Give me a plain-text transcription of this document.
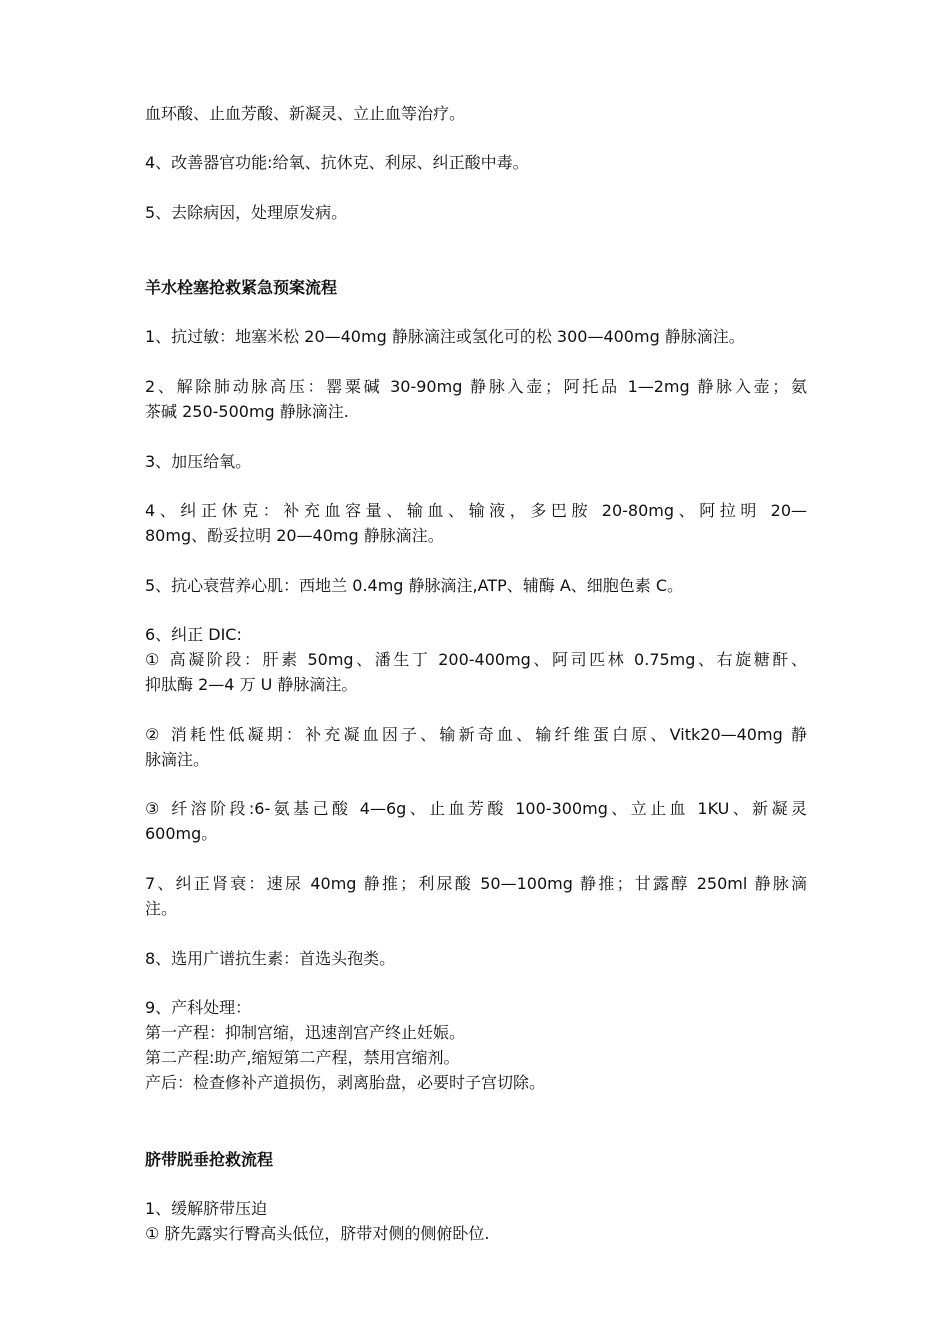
血环酸、止血芳酸、新凝灵、立止血等治疗。
4、改善器官功能:给氧、抗休克、利尿、纠正酸中毒。
5、去除病因，处理原发病。
羊水栓塞抢救紧急预案流程
1、抗过敏：地塞米松 20—40mg 静脉滴注或氢化可的松 300—400mg 静脉滴注。
2、解除肺动脉高压：罂粟碱 30-90mg 静脉入壶；阿托品 1—2mg 静脉入壶；氨
茶碱 250-500mg 静脉滴注.
3、加压给氧。
4、纠正休克：补充血容量、输血、输液，多巴胺 20-80mg、阿拉明 20—
80mg、酚妥拉明 20—40mg 静脉滴注。
5、抗心衰营养心肌：西地兰 0.4mg 静脉滴注,ATP、辅酶 A、细胞色素 C。
6、纠正 DIC:
① 高凝阶段：肝素 50mg、潘生丁 200-400mg、阿司匹林 0.75mg、右旋糖酐、
抑肽酶 2—4 万 U 静脉滴注。
② 消耗性低凝期：补充凝血因子、输新奇血、输纤维蛋白原、Vitk20—40mg 静
脉滴注。
③ 纤溶阶段:6-氨基己酸 4—6g、止血芳酸 100-300mg、立止血 1KU、新凝灵
600mg。
7、纠正肾衰：速尿 40mg 静推；利尿酸 50—100mg 静推；甘露醇 250ml 静脉滴
注。
8、选用广谱抗生素：首选头孢类。
9、产科处理：
第一产程：抑制宫缩，迅速剖宫产终止妊娠。
第二产程:助产,缩短第二产程，禁用宫缩剂。
产后：检查修补产道损伤，剥离胎盘，必要时子宫切除。
脐带脱垂抢救流程
1、缓解脐带压迫
① 脐先露实行臀高头低位，脐带对侧的侧俯卧位.
